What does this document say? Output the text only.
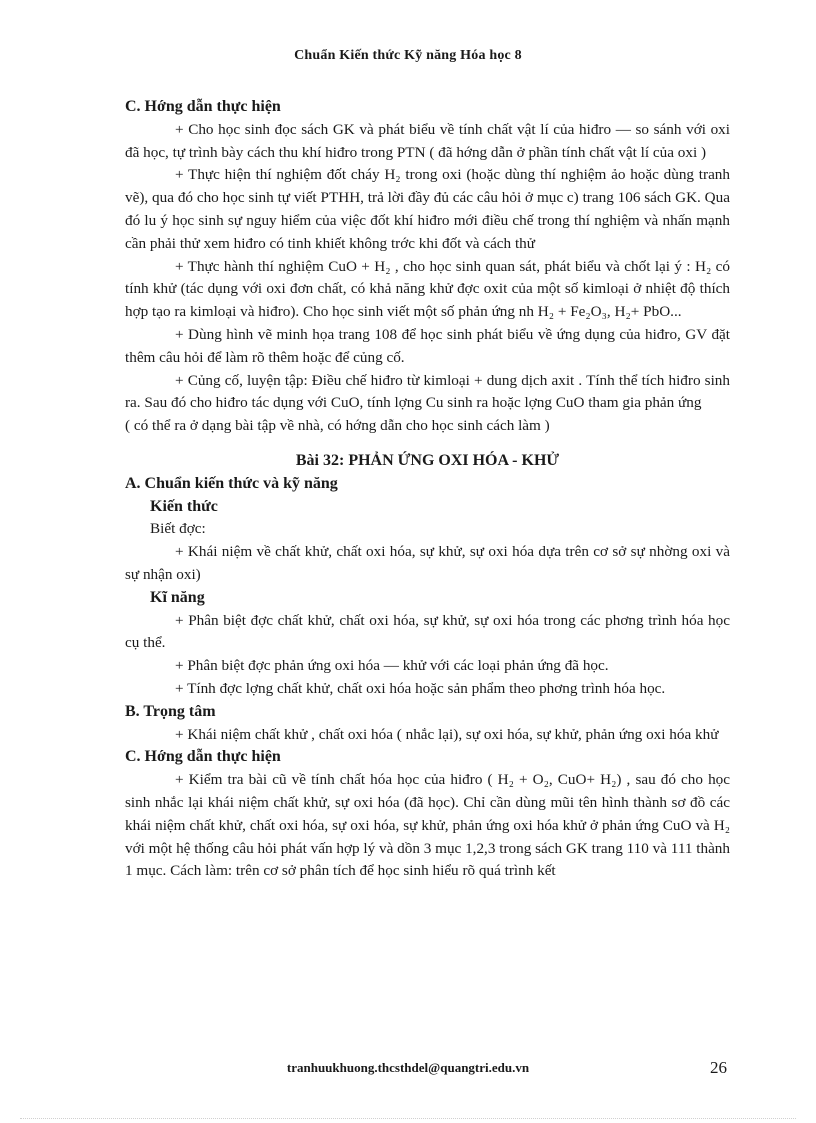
Chuẩn Kiến thức Kỹ năng Hóa học 8

C. Hớng dẫn thực hiện

+ Cho học sinh đọc sách GK và phát biểu về tính chất vật lí của hiđro — so sánh với oxi đã học, tự trình bày cách thu khí hiđro trong PTN ( đã hớng dẫn ở phần tính chất vật lí của oxi )

+ Thực hiện thí nghiệm đốt cháy H₂ trong oxi (hoặc dùng thí nghiệm ảo hoặc dùng tranh vẽ), qua đó cho học sinh tự viết PTHH, trả lời đầy đủ các câu hỏi ở mục c) trang 106 sách GK. Qua đó lu ý học sinh sự nguy hiểm của việc đốt khí hiđro mới điều chế trong thí nghiệm và nhấn mạnh cần phải thử xem hiđro có tinh khiết không trớc khi đốt và cách thử

+ Thực hành thí nghiệm CuO + H₂ , cho học sinh quan sát, phát biểu và chốt lại ý : H₂ có tính khử (tác dụng với oxi đơn chất, có khả năng khử đợc oxit của một số kimloại ở nhiệt độ thích hợp tạo ra kimloại và hiđro). Cho học sinh viết một số phản ứng nh H₂ + Fe₂O₃, H₂+ PbO...

+ Dùng hình vẽ minh họa trang 108 để học sinh phát biểu về ứng dụng của hiđro, GV đặt thêm câu hỏi để làm rõ thêm hoặc để củng cố.

+ Củng cố, luyện tập: Điều chế hiđro từ kimloại + dung dịch axit . Tính thể tích hiđro sinh ra. Sau đó cho hiđro tác dụng với CuO, tính lợng Cu sinh ra hoặc lợng CuO tham gia phản ứng

( có thể ra ở dạng bài tập về nhà, có hớng dẫn cho học sinh cách làm )

Bài 32: PHẢN ỨNG OXI HÓA - KHỬ

A. Chuẩn kiến thức và kỹ năng

Kiến thức

Biết đợc:

+ Khái niệm về chất khử, chất oxi hóa, sự khử, sự oxi hóa dựa trên cơ sở sự nhờng oxi và sự nhận oxi)

Kĩ năng

+ Phân biệt đợc chất khử, chất oxi hóa, sự khử, sự oxi hóa trong các phơng trình hóa học cụ thể.

+ Phân biệt đợc phản ứng oxi hóa — khử với các loại phản ứng đã học.

+ Tính đợc lợng chất khử, chất oxi hóa hoặc sản phẩm theo phơng trình hóa học.

B. Trọng tâm

+ Khái niệm chất khử , chất oxi hóa ( nhắc lại), sự oxi hóa, sự khử, phản ứng oxi hóa khử

C. Hớng dẫn thực hiện

+ Kiểm tra bài cũ về tính chất hóa học của hiđro ( H₂ + O₂, CuO+ H₂) , sau đó cho học sinh nhắc lại khái niệm chất khử, sự oxi hóa (đã học). Chỉ cần dùng mũi tên hình thành sơ đồ các khái niệm chất khử, chất oxi hóa, sự oxi hóa, sự khử, phản ứng oxi hóa khử ở phản ứng CuO và H₂ với một hệ thống câu hỏi phát vấn hợp lý và dồn 3 mục 1,2,3 trong sách GK trang 110 và 111 thành 1 mục. Cách làm: trên cơ sở phân tích để học sinh hiểu rõ quá trình kết

tranhuukhuong.thcsthdel@quangtri.edu.vn	26
